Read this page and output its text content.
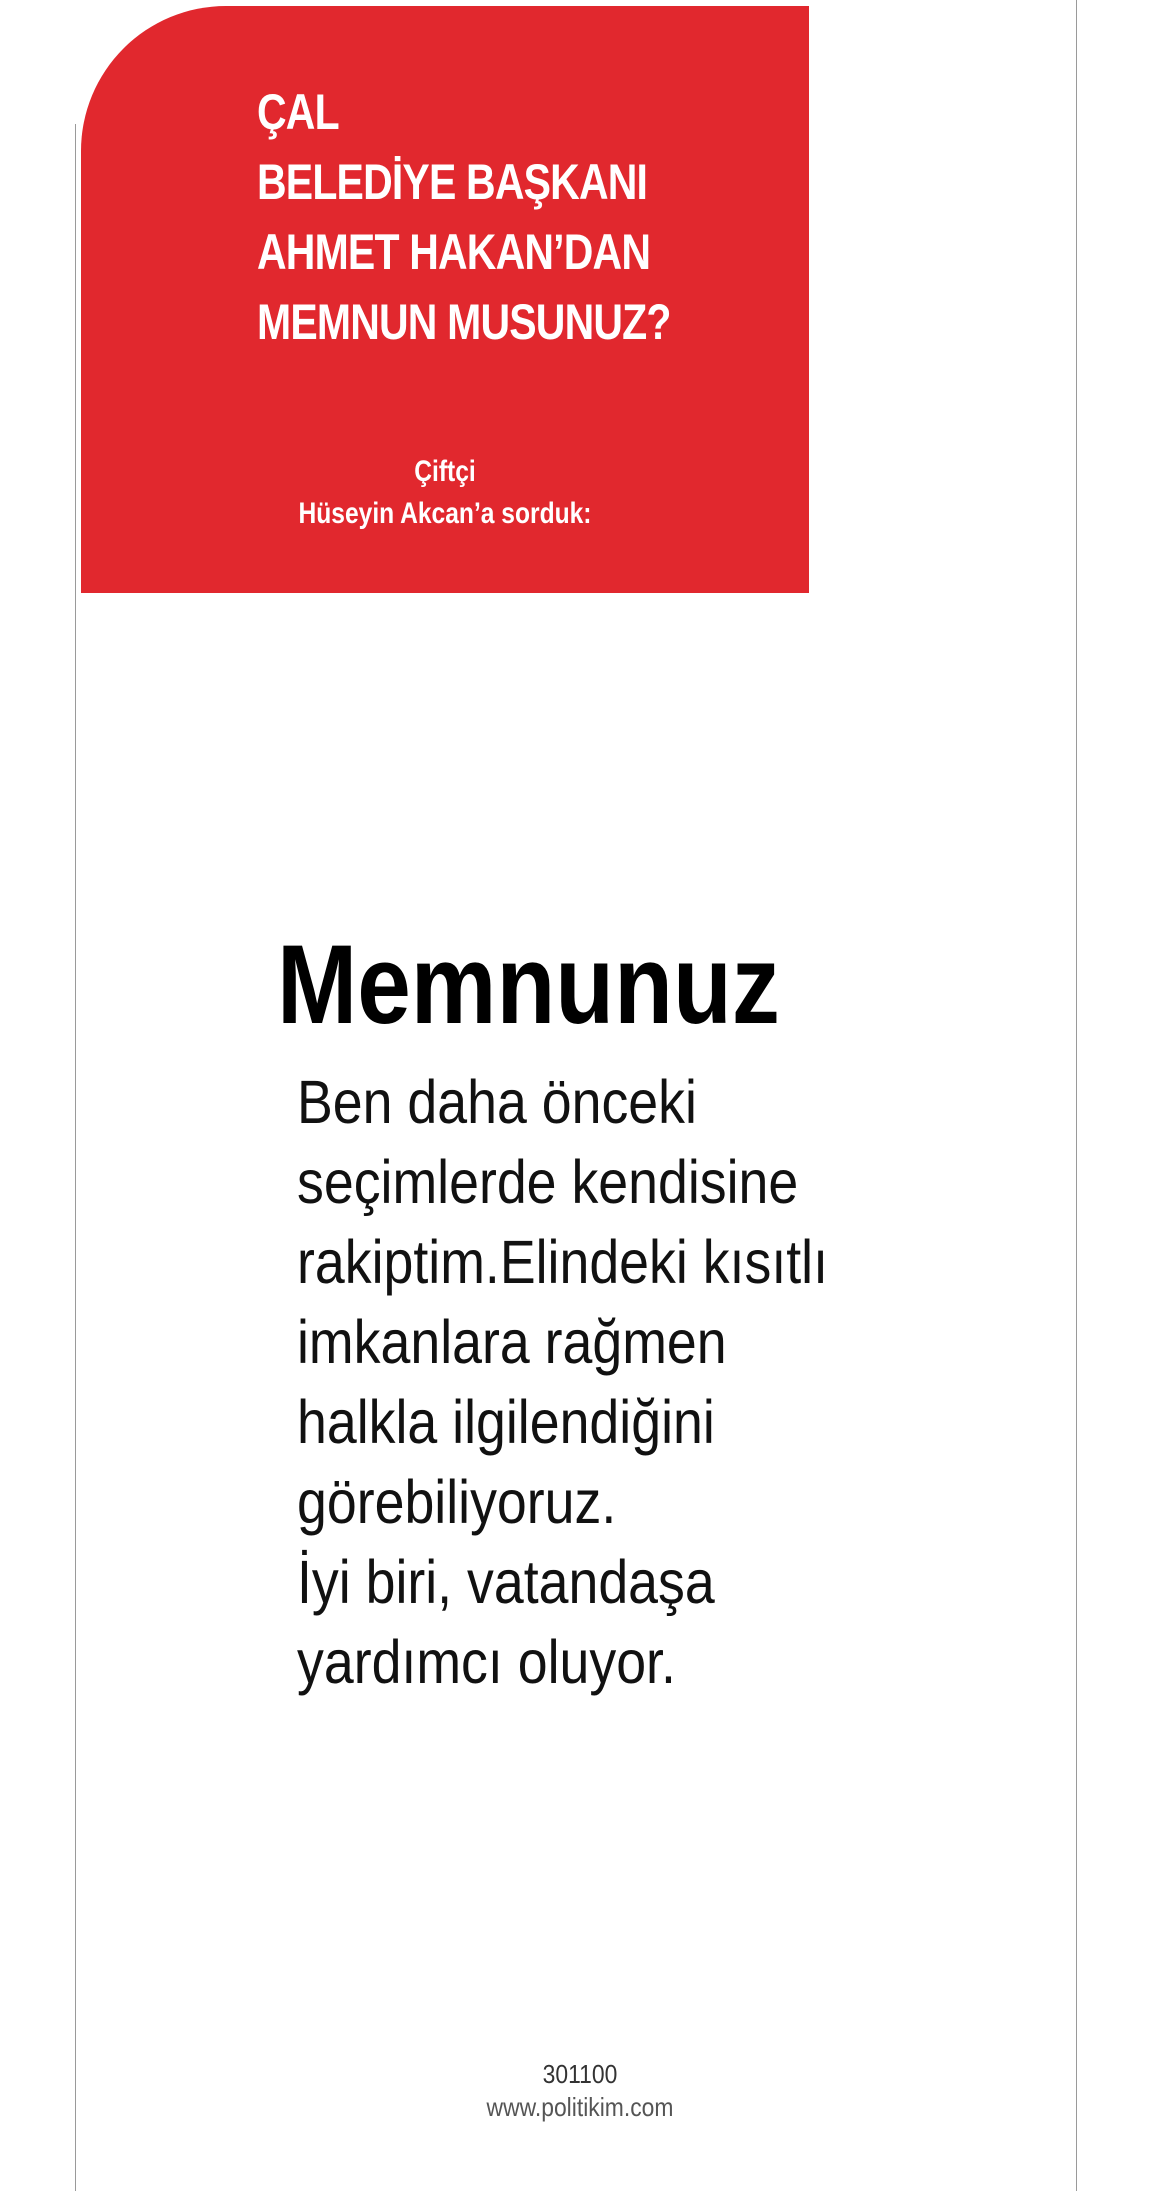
ÇAL
BELEDİYE BAŞKANI
AHMET HAKAN’DAN
MEMNUN MUSUNUZ?
Çiftçi
Hüseyin Akcan’a sorduk:
Memnunuz
Ben daha önceki
seçimlerde kendisine
rakiptim.Elindeki kısıtlı
imkanlara rağmen
halkla ilgilendiğini
görebiliyoruz.
İyi biri, vatandaşa
yardımcı oluyor.
301100
www.politikim.com
